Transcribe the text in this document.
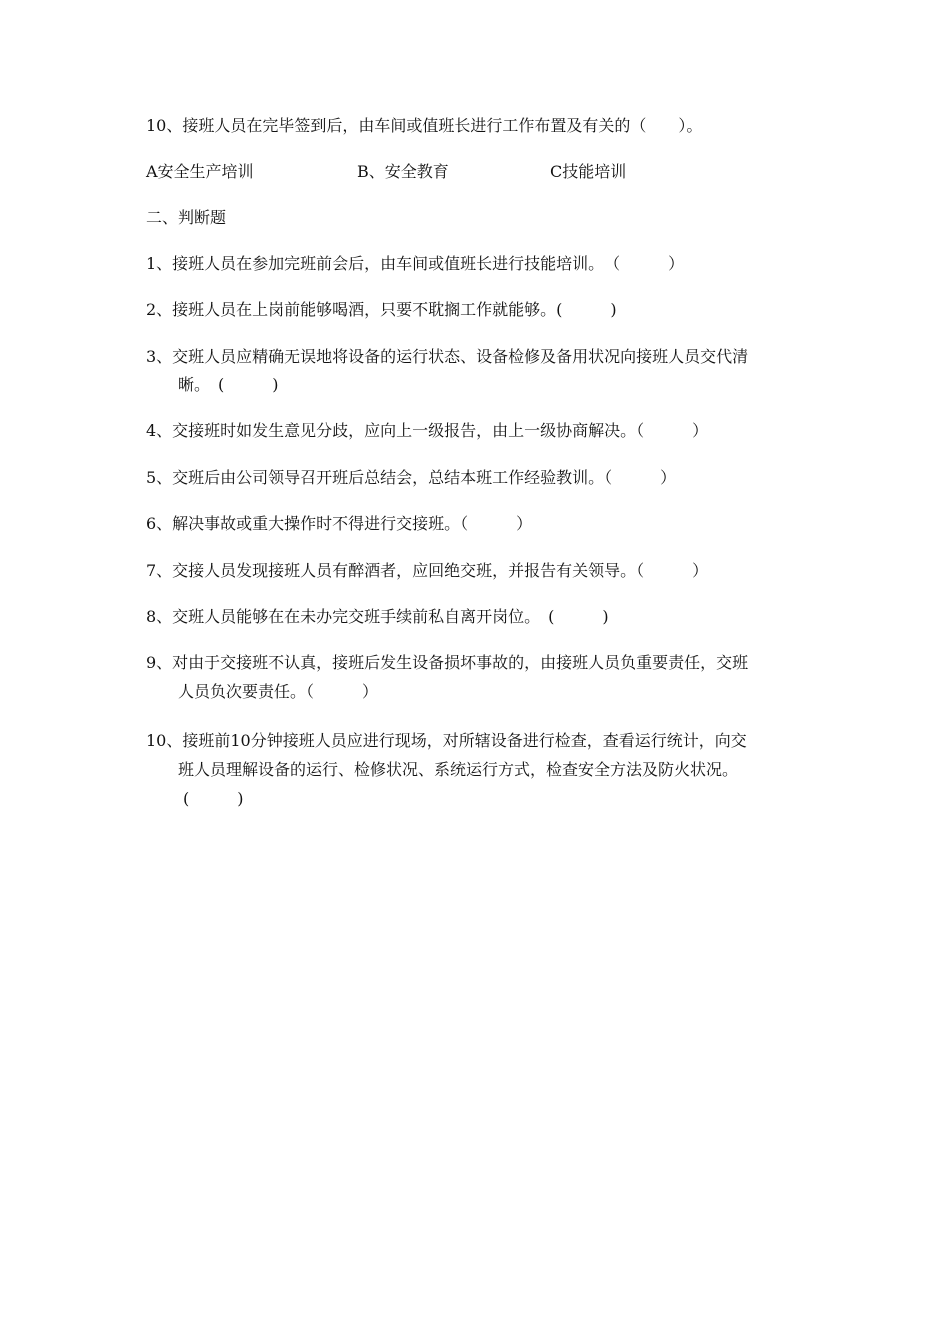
10、接班人员在完毕签到后，由车间或值班长进行工作布置及有关的（　　）。
A安全生产培训	B、安全教育	C技能培训
二、判断题
1、接班人员在参加完班前会后，由车间或值班长进行技能培训。　（　　　）
2、接班人员在上岗前能够喝酒，只要不耽搁工作就能够。(　　　)
3、交班人员应精确无误地将设备的运行状态、设备检修及备用状况向接班人员交代清
晰。　(　　　)
4、交接班时如发生意见分歧，应向上一级报告，由上一级协商解决。（　　　）
5、交班后由公司领导召开班后总结会，总结本班工作经验教训。（　　　）
6、解决事故或重大操作时不得进行交接班。（　　　）
7、交接人员发现接班人员有醉酒者，应回绝交班，并报告有关领导。（　　　）
8、交班人员能够在在未办完交班手续前私自离开岗位。　(　　　)
9、对由于交接班不认真，接班后发生设备损坏事故的，由接班人员负重要责任，交班
人员负次要责任。（　　　）
10、接班前10分钟接班人员应进行现场，对所辖设备进行检查，查看运行统计，向交
班人员理解设备的运行、检修状况、系统运行方式，检查安全方法及防火状况。
(　　　)
